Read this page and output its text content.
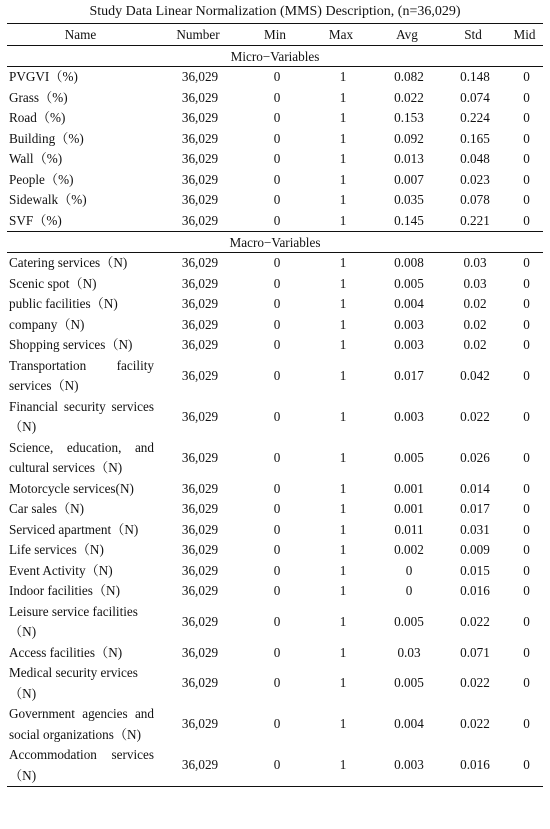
Study Data Linear Normalization (MMS) Description, (n=36,029)
Name	Number	Min	Max	Avg	Std	Mid
Micro−Variables						
PVGVI（%)	36,029	0	1	0.082	0.148	0
Grass（%)	36,029	0	1	0.022	0.074	0
Road（%)	36,029	0	1	0.153	0.224	0
Building（%)	36,029	0	1	0.092	0.165	0
Wall（%)	36,029	0	1	0.013	0.048	0
People（%)	36,029	0	1	0.007	0.023	0
Sidewalk（%)	36,029	0	1	0.035	0.078	0
SVF（%)	36,029	0	1	0.145	0.221	0
Macro−Variables						
Catering services（N)	36,029	0	1	0.008	0.03	0
Scenic spot（N)	36,029	0	1	0.005	0.03	0
public facilities（N)	36,029	0	1	0.004	0.02	0
company（N)	36,029	0	1	0.003	0.02	0
Shopping services（N)	36,029	0	1	0.003	0.02	0
Transportation facility services（N)	36,029	0	1	0.017	0.042	0
Financial security services（N)	36,029	0	1	0.003	0.022	0
Science, education, and cultural services（N)	36,029	0	1	0.005	0.026	0
Motorcycle services(N)	36,029	0	1	0.001	0.014	0
Car sales（N)	36,029	0	1	0.001	0.017	0
Serviced apartment（N)	36,029	0	1	0.011	0.031	0
Life services（N)	36,029	0	1	0.002	0.009	0
Event Activity（N)	36,029	0	1	0	0.015	0
Indoor facilities（N)	36,029	0	1	0	0.016	0
Leisure service facilities（N)	36,029	0	1	0.005	0.022	0
Access facilities（N)	36,029	0	1	0.03	0.071	0
Medical security ervices（N)	36,029	0	1	0.005	0.022	0
Government agencies and social organizations（N)	36,029	0	1	0.004	0.022	0
Accommodation services（N)	36,029	0	1	0.003	0.016	0
